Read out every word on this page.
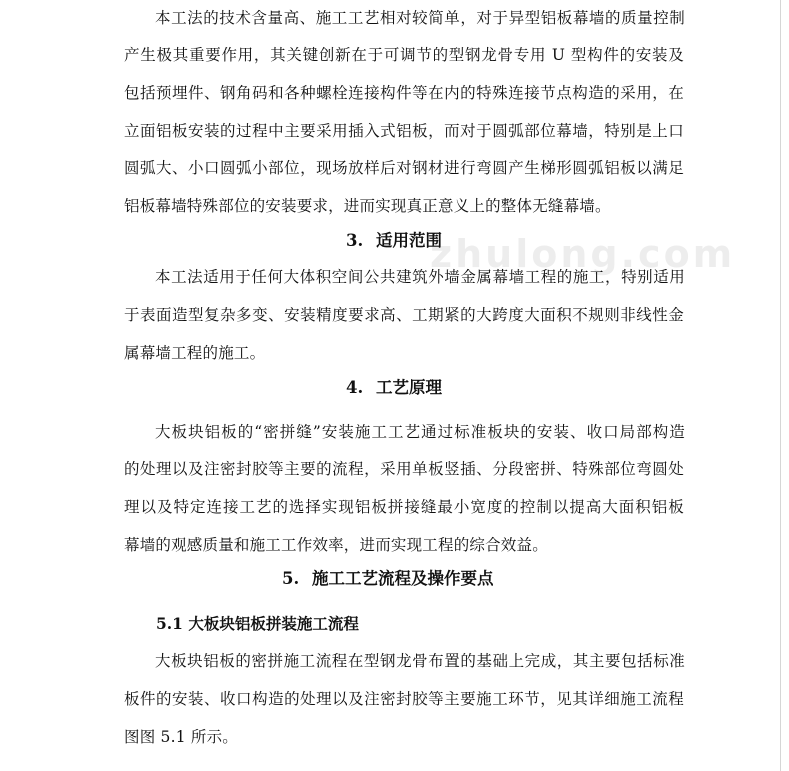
zhulong.com
本工法的技术含量高、施工工艺相对较简单，对于异型铝板幕墙的质量控制
产生极其重要作用，其关键创新在于可调节的型钢龙骨专用 U 型构件的安装及
包括预埋件、钢角码和各种螺栓连接构件等在内的特殊连接节点构造的采用，在
立面铝板安装的过程中主要采用插入式铝板，而对于圆弧部位幕墙，特别是上口
圆弧大、小口圆弧小部位，现场放样后对钢材进行弯圆产生梯形圆弧铝板以满足
铝板幕墙特殊部位的安装要求，进而实现真正意义上的整体无缝幕墙。
3. 适用范围
本工法适用于任何大体积空间公共建筑外墙金属幕墙工程的施工，特别适用
于表面造型复杂多变、安装精度要求高、工期紧的大跨度大面积不规则非线性金
属幕墙工程的施工。
4. 工艺原理
大板块铝板的“密拼缝”安装施工工艺通过标准板块的安装、收口局部构造
的处理以及注密封胶等主要的流程，采用单板竖插、分段密拼、特殊部位弯圆处
理以及特定连接工艺的选择实现铝板拼接缝最小宽度的控制以提高大面积铝板
幕墙的观感质量和施工工作效率，进而实现工程的综合效益。
5. 施工工艺流程及操作要点
5.1 大板块铝板拼装施工流程
大板块铝板的密拼施工流程在型钢龙骨布置的基础上完成，其主要包括标准
板件的安装、收口构造的处理以及注密封胶等主要施工环节，见其详细施工流程
图图 5.1 所示。
